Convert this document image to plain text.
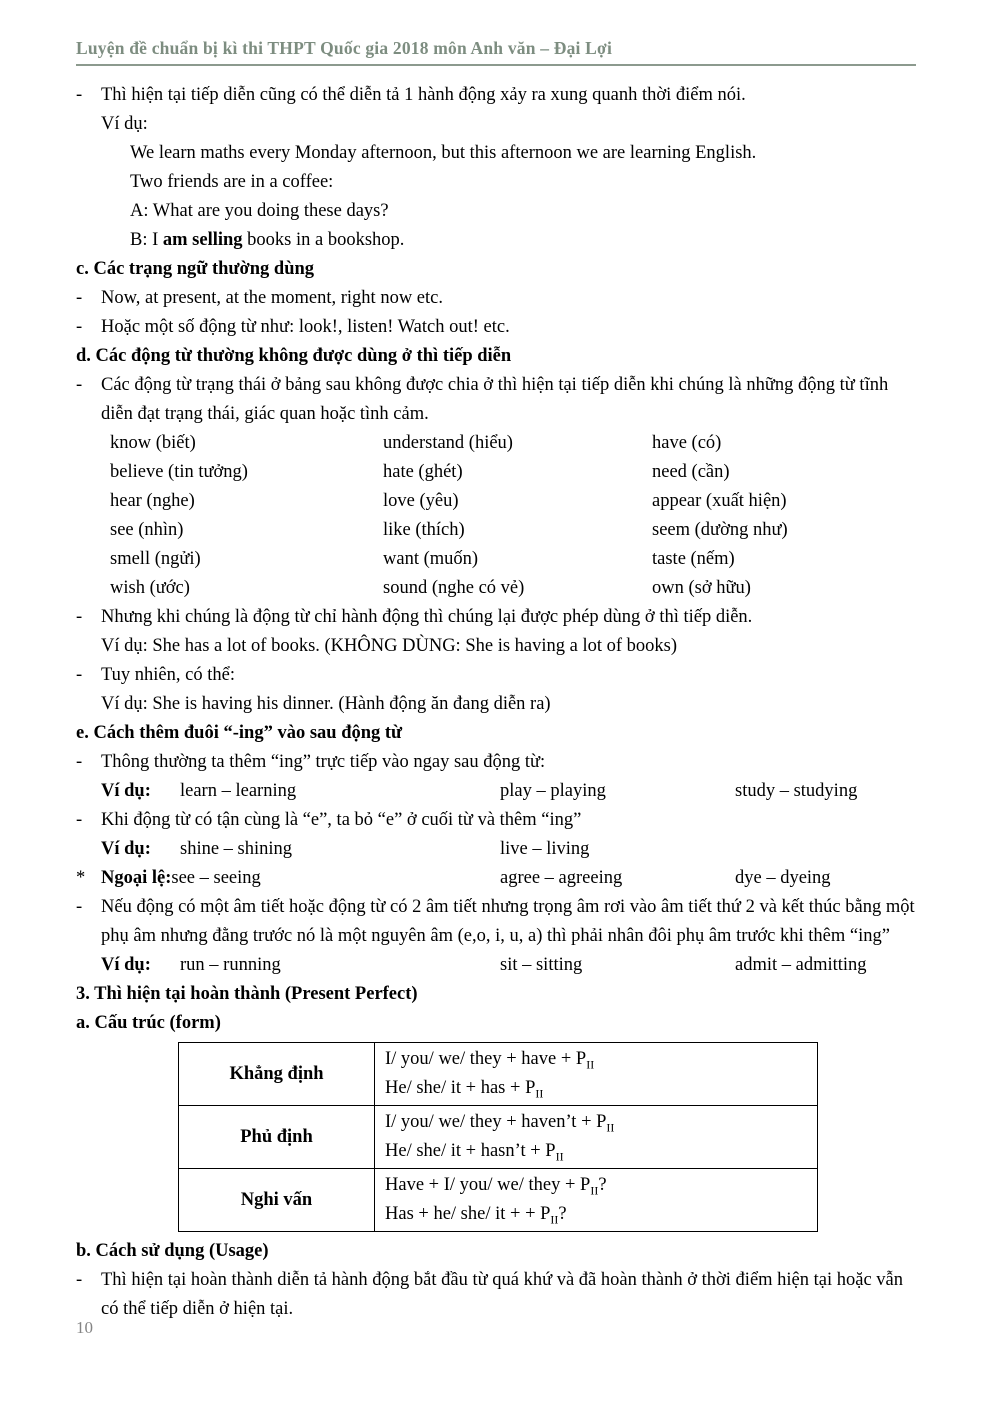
Luyện đề chuẩn bị kì thi THPT Quốc gia 2018 môn Anh văn – Đại Lợi
-	Thì hiện tại tiếp diễn cũng có thể diễn tả 1 hành động xảy ra xung quanh thời điểm nói.
Ví dụ:
We learn maths every Monday afternoon, but this afternoon we are learning English.
Two friends are in a coffee:
A: What are you doing these days?
B: I am selling books in a bookshop.
c. Các trạng ngữ thường dùng
-	Now, at present, at the moment, right now etc.
-	Hoặc một số động từ như: look!, listen! Watch out! etc.
d. Các động từ thường không được dùng ở thì tiếp diễn
-	Các động từ trạng thái ở bảng sau không được chia ở thì hiện tại tiếp diễn khi chúng là những động từ tĩnh diễn đạt trạng thái, giác quan hoặc tình cảm.
know (biết)	understand (hiểu)	have (có)
believe (tin tưởng)	hate (ghét)	need (cần)
hear (nghe)	love (yêu)	appear (xuất hiện)
see (nhìn)	like (thích)	seem (dường như)
smell (ngửi)	want (muốn)	taste (nếm)
wish (ước)	sound (nghe có vẻ)	own (sở hữu)
-	Nhưng khi chúng là động từ chỉ hành động thì chúng lại được phép dùng ở thì tiếp diễn.
Ví dụ: She has a lot of books. (KHÔNG DÙNG: She is having a lot of books)
-	Tuy nhiên, có thể:
Ví dụ: She is having his dinner. (Hành động ăn đang diễn ra)
e. Cách thêm đuôi “-ing” vào sau động từ
-	Thông thường ta thêm “ing” trực tiếp vào ngay sau động từ:
Ví dụ:	learn – learning	play – playing	study – studying
-	Khi động từ có tận cùng là “e”, ta bỏ “e” ở cuối từ và thêm “ing”
Ví dụ:	shine – shining	live – living
* Ngoại lệ:see – seeing	agree – agreeing	dye – dyeing
-	Nếu động có một âm tiết hoặc động từ có 2 âm tiết nhưng trọng âm rơi vào âm tiết thứ 2 và kết thúc bằng một phụ âm nhưng đằng trước nó là một nguyên âm (e,o, i, u, a) thì phải nhân đôi phụ âm trước khi thêm “ing”
Ví dụ:	run – running	sit – sitting	admit – admitting
3. Thì hiện tại hoàn thành (Present Perfect)
a. Cấu trúc (form)
Khẳng định	I/ you/ we/ they + have + $P_{II}$
He/ she/ it + has + $P_{II}$

Phủ định	I/ you/ we/ they + haven’t + $P_{II}$
He/ she/ it + hasn’t + $P_{II}$

Nghi vấn	Have + I/ you/ we/ they + $P_{II}$?
Has + he/ she/ it + + $P_{II}$?
b. Cách sử dụng (Usage)
-	Thì hiện tại hoàn thành diễn tả hành động bắt đầu từ quá khứ và đã hoàn thành ở thời điểm hiện tại hoặc vẫn có thể tiếp diễn ở hiện tại.
10
